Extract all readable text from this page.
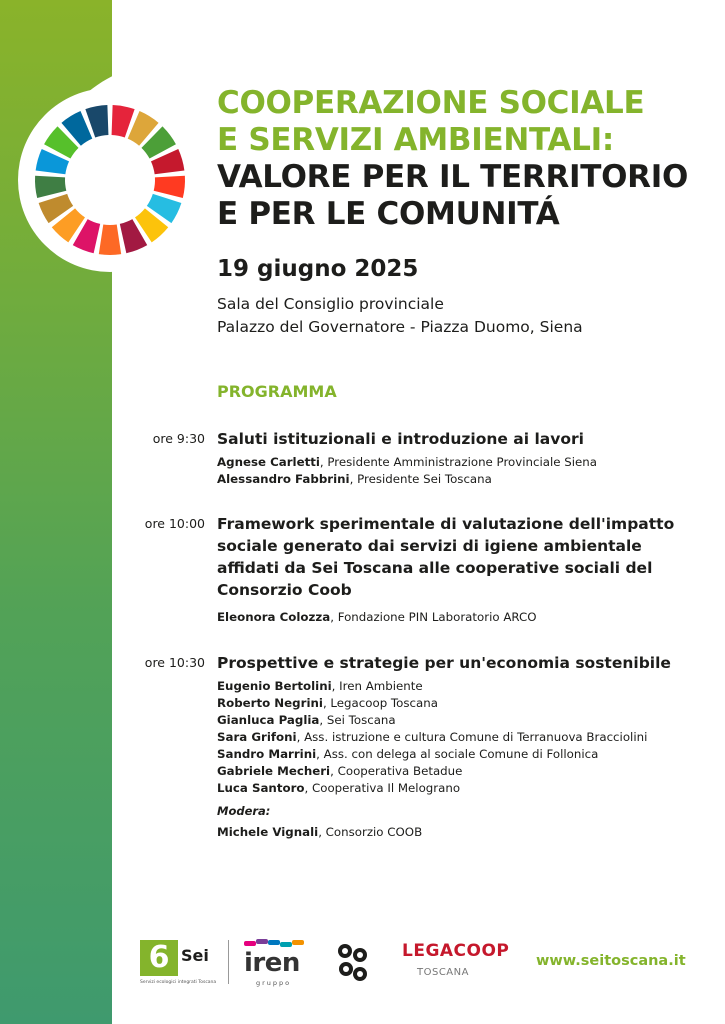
COOPERAZIONE SOCIALE
E SERVIZI AMBIENTALI:
VALORE PER IL TERRITORIO
E PER LE COMUNITÁ
19 giugno 2025
Sala del Consiglio provinciale
Palazzo del Governatore - Piazza Duomo, Siena
PROGRAMMA
ore 9:30 Saluti istituzionali e introduzione ai lavori
Agnese Carletti, Presidente Amministrazione Provinciale Siena
Alessandro Fabbrini, Presidente Sei Toscana
ore 10:00 Framework sperimentale di valutazione dell'impatto sociale generato dai servizi di igiene ambientale affidati da Sei Toscana alle cooperative sociali del Consorzio Coob
Eleonora Colozza, Fondazione PIN Laboratorio ARCO
ore 10:30 Prospettive e strategie per un'economia sostenibile
Eugenio Bertolini, Iren Ambiente
Roberto Negrini, Legacoop Toscana
Gianluca Paglia, Sei Toscana
Sara Grifoni, Ass. istruzione e cultura Comune di Terranuova Bracciolini
Sandro Marrini, Ass. con delega al sociale Comune di Follonica
Gabriele Mecheri, Cooperativa Betadue
Luca Santoro, Cooperativa Il Melograno
Modera:
Michele Vignali, Consorzio COOB
6 Sei
Servizi ecologici integrati Toscana
iren
gruppo
LEGACOOP
TOSCANA
www.seitoscana.it
